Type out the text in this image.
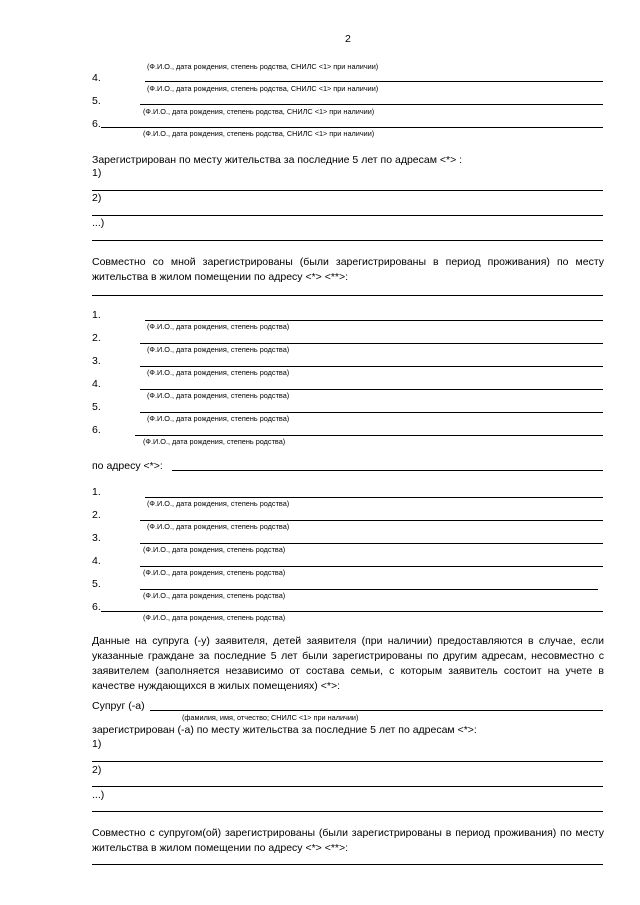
2
(Ф.И.О., дата рождения, степень родства, СНИЛС <1> при наличии)
4.
(Ф.И.О., дата рождения, степень родства, СНИЛС <1> при наличии)
5.
(Ф.И.О., дата рождения, степень родства, СНИЛС <1> при наличии)
6.
(Ф.И.О., дата рождения, степень родства, СНИЛС <1> при наличии)
Зарегистрирован по месту жительства за последние 5 лет по адресам <*> :
1)
2)
...)
Совместно со мной зарегистрированы (были зарегистрированы в период проживания) по месту жительства в жилом помещении по адресу <*> <**>:
1.
(Ф.И.О., дата рождения, степень родства)
2.
(Ф.И.О., дата рождения, степень родства)
3.
(Ф.И.О., дата рождения, степень родства)
4.
(Ф.И.О., дата рождения, степень родства)
5.
(Ф.И.О., дата рождения, степень родства)
6.
(Ф.И.О., дата рождения, степень родства)
по адресу <*>:
1.
(Ф.И.О., дата рождения, степень родства)
2.
(Ф.И.О., дата рождения, степень родства)
3.
(Ф.И.О., дата рождения, степень родства)
4.
(Ф.И.О., дата рождения, степень родства)
5.
(Ф.И.О., дата рождения, степень родства)
6.
(Ф.И.О., дата рождения, степень родства)
Данные на супруга (-у) заявителя, детей заявителя (при наличии) предоставляются в случае, если указанные граждане за последние 5 лет были зарегистрированы по другим адресам, несовместно с заявителем (заполняется независимо от состава семьи, с которым заявитель состоит на учете в качестве нуждающихся в жилых помещениях) <*>:
Супруг (-а)
(фамилия, имя, отчество; СНИЛС <1> при наличии)
зарегистрирован (-а) по месту жительства за последние 5 лет по адресам <*>:
1)
2)
...)
Совместно с супругом(ой) зарегистрированы (были зарегистрированы в период проживания) по месту жительства в жилом помещении по адресу <*> <**>:
